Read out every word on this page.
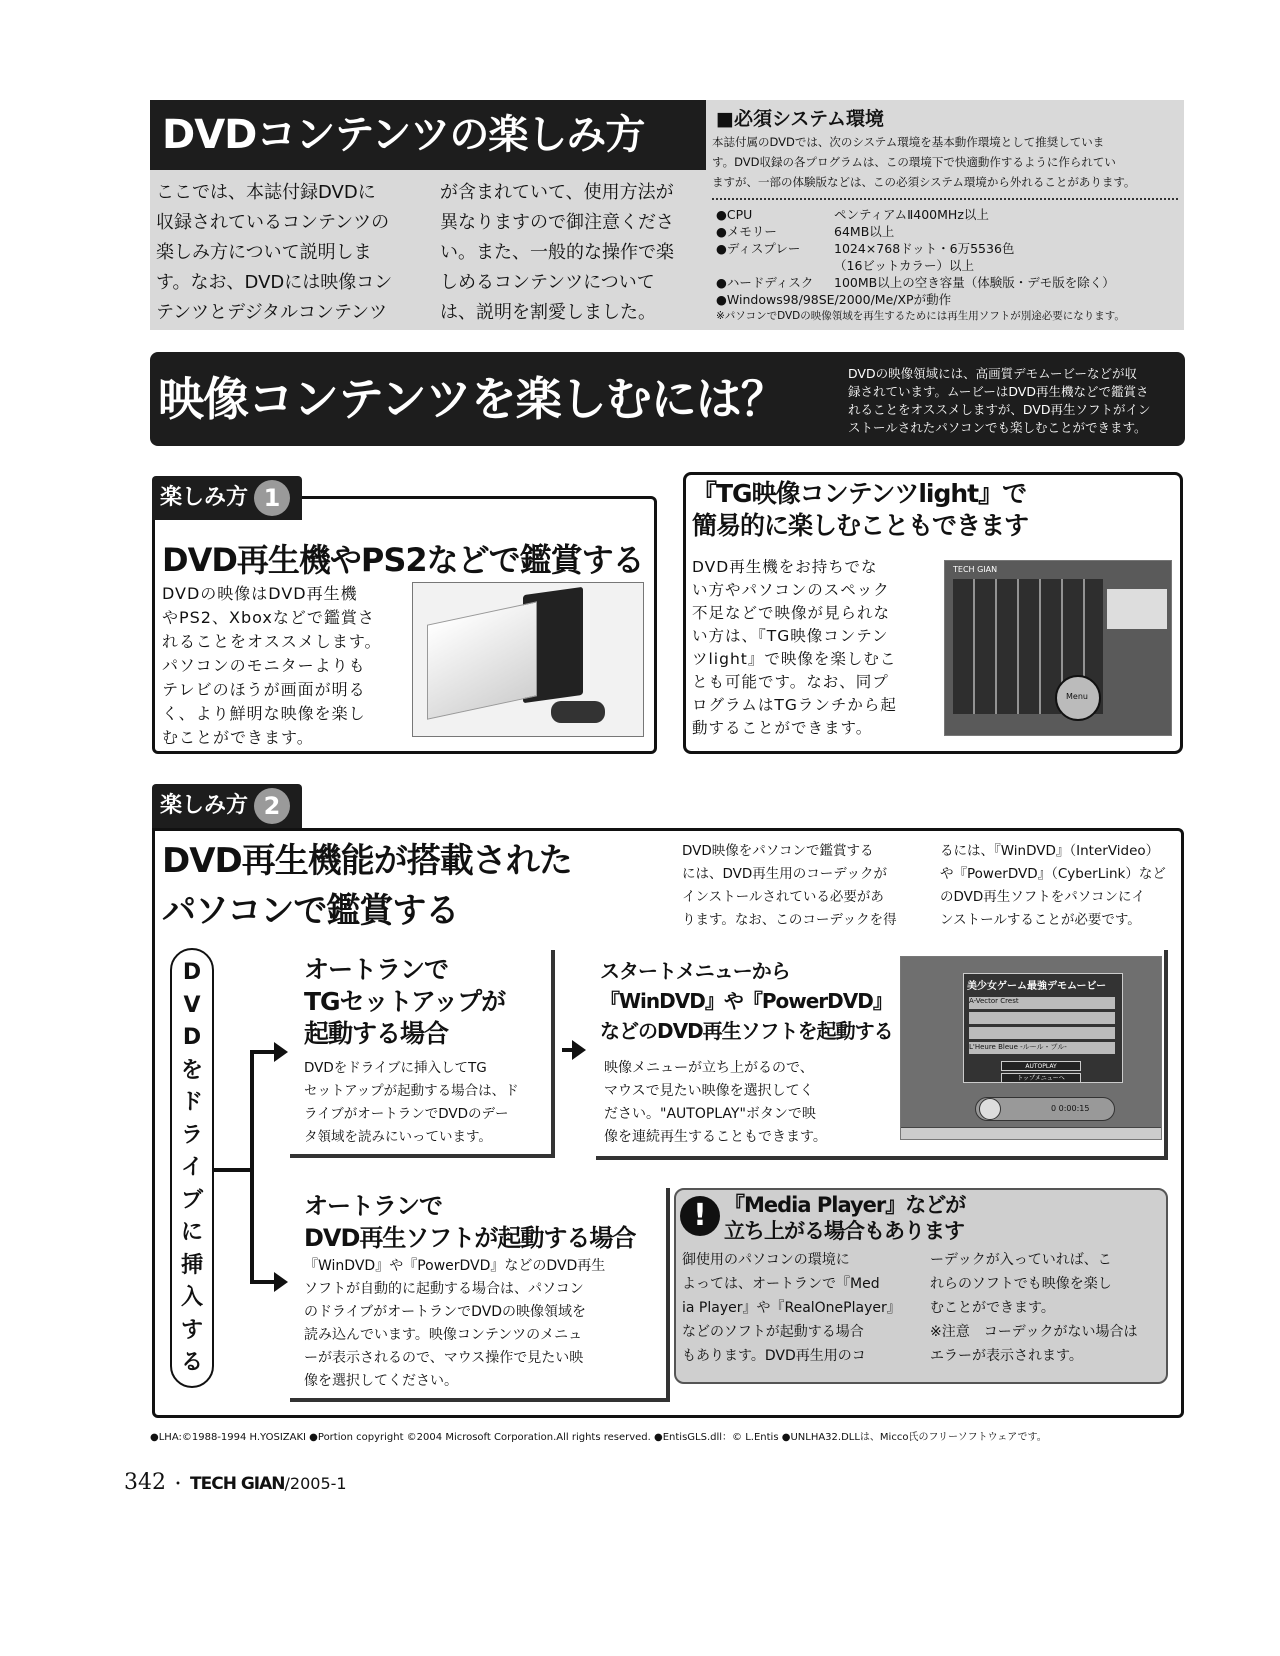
DVDコンテンツの楽しみ方
ここでは、本誌付録DVDに
収録されているコンテンツの
楽しみ方について説明しま
す。なお、DVDには映像コン
テンツとデジタルコンテンツ
が含まれていて、使用方法が
異なりますので御注意くださ
い。また、一般的な操作で楽
しめるコンテンツについて
は、説明を割愛しました。
■必須システム環境
本誌付属のDVDでは、次のシステム環境を基本動作環境として推奨していま
す。DVD収録の各プログラムは、この環境下で快適動作するように作られてい
ますが、一部の体験版などは、この必須システム環境から外れることがあります。
●CPU	ペンティアムⅡ400MHz以上
●メモリー	64MB以上
●ディスプレー	1024×768ドット・6万5536色
（16ビットカラー）以上
●ハードディスク	100MB以上の空き容量（体験版・デモ版を除く）
●Windows98/98SE/2000/Me/XPが動作
※パソコンでDVDの映像領域を再生するためには再生用ソフトが別途必要になります。
映像コンテンツを楽しむには？	DVDの映像領域には、高画質デモムービーなどが収
録されています。ムービーはDVD再生機などで鑑賞さ
れることをオススメしますが、DVD再生ソフトがイン
ストールされたパソコンでも楽しむことができます。
楽しみ方 1
DVD再生機やPS2などで鑑賞する
DVDの映像はDVD再生機
やPS2、Xboxなどで鑑賞さ
れることをオススメします。
パソコンのモニターよりも
テレビのほうが画面が明る
く、より鮮明な映像を楽し
むことができます。
『TG映像コンテンツlight』で
簡易的に楽しむこともできます
DVD再生機をお持ちでな
い方やパソコンのスペック
不足などで映像が見られな
い方は、『TG映像コンテン
ツlight』で映像を楽しむこ
とも可能です。なお、同プ
ログラムはTGランチから起
動することができます。
TECH GIAN
Menu
楽しみ方 2
DVD再生機能が搭載された
パソコンで鑑賞する
DVD映像をパソコンで鑑賞する
には、DVD再生用のコーデックが
インストールされている必要があ
ります。なお、このコーデックを得
るには、『WinDVD』（InterVideo）
や『PowerDVD』（CyberLink）など
のDVD再生ソフトをパソコンにイ
ンストールすることが必要です。
D
V
D
を
ド
ラ
イ
ブ
に
挿
入
す
る
オートランで
TGセットアップが
起動する場合
DVDをドライブに挿入してTG
セットアップが起動する場合は、ド
ライブがオートランでDVDのデー
タ領域を読みにいっています。
スタートメニューから
『WinDVD』や『PowerDVD』
などのDVD再生ソフトを起動する
映像メニューが立ち上がるので、
マウスで見たい映像を選択してく
ださい。"AUTOPLAY"ボタンで映
像を連続再生することもできます。
美少女ゲーム最強デモムービー
A-Vector Crest
L'Heure Bleue -ルール・ブル-
AUTOPLAY
トップメニューへ
0 0:00:15
オートランで
DVD再生ソフトが起動する場合
『WinDVD』や『PowerDVD』などのDVD再生
ソフトが自動的に起動する場合は、パソコン
のドライブがオートランでDVDの映像領域を
読み込んでいます。映像コンテンツのメニュ
ーが表示されるので、マウス操作で見たい映
像を選択してください。
! 『Media Player』などが
立ち上がる場合もあります
御使用のパソコンの環境に
よっては、オートランで『Med
ia Player』や『RealOnePlayer』
などのソフトが起動する場合
もあります。DVD再生用のコ
ーデックが入っていれば、こ
れらのソフトでも映像を楽し
むことができます。
※注意　コーデックがない場合は
エラーが表示されます。
●LHA:©1988-1994 H.YOSIZAKI ●Portion copyright ©2004 Microsoft Corporation.All rights reserved. ●EntisGLS.dll：© L.Entis ●UNLHA32.DLLは、Micco氏のフリーソフトウェアです。
342 ・ TECH GIAN /2005-1
